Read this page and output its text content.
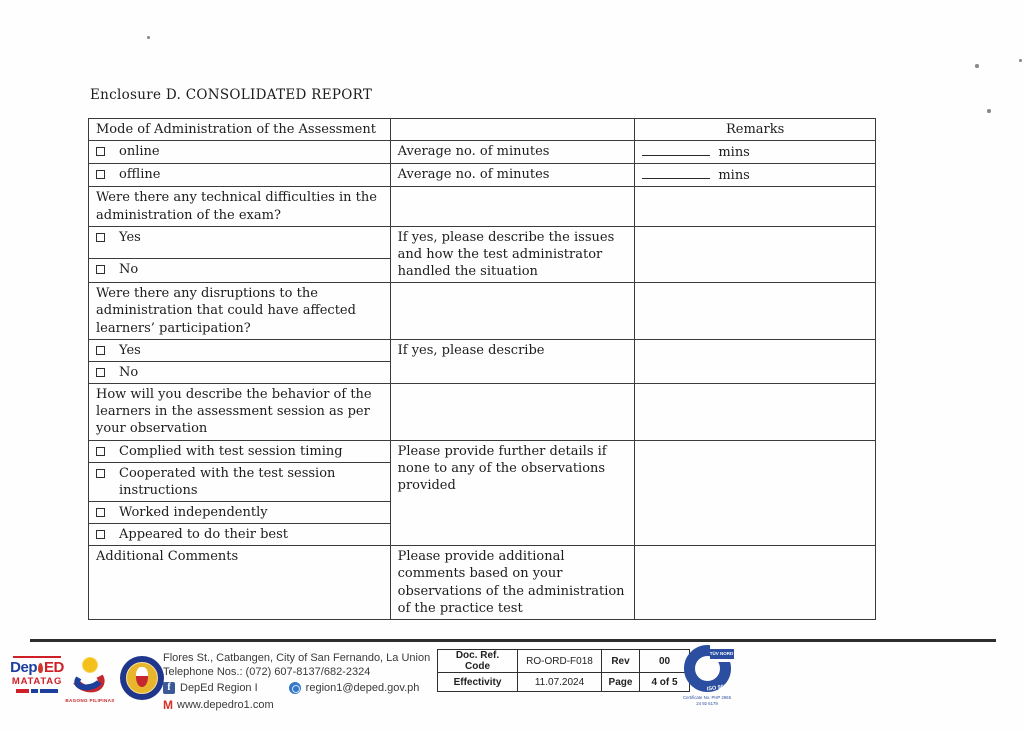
Enclosure D. CONSOLIDATED REPORT
Mode of Administration of the Assessment		Remarks

online	Average no. of minutes	mins

offline	Average no. of minutes	mins
Were there any technical difficulties in the administration of the exam?		

Yes	If yes, please describe the issues and how the test administrator handled the situation	

No		

Were there any disruptions to the administration that could have affected learners’ participation?		

Yes	If yes, please describe	

No		

How will you describe the behavior of the learners in the assessment session as per your observation		

Complied with test session timing	Please provide further details if none to any of the observations provided	

Cooperated with the test session instructions		

Worked independently		

Appeared to do their best		

Additional Comments	Please provide additional comments based on your observations of the administration of the practice test	
Dep ED
MATATAG
BAGONG PILIPINAS
Flores St., Catbangen, City of San Fernando, La Union
Telephone Nos.: (072) 607-8137/682-2324
f DepEd Region I	region1@deped.gov.ph
M www.depedro1.com
Doc. Ref. Code	RO-ORD-F018	Rev	00
Effectivity	11.07.2024	Page	4 of 5
TÜV NORD
ISO 9001
Certificate No. PHP 2965
24 92 6179
